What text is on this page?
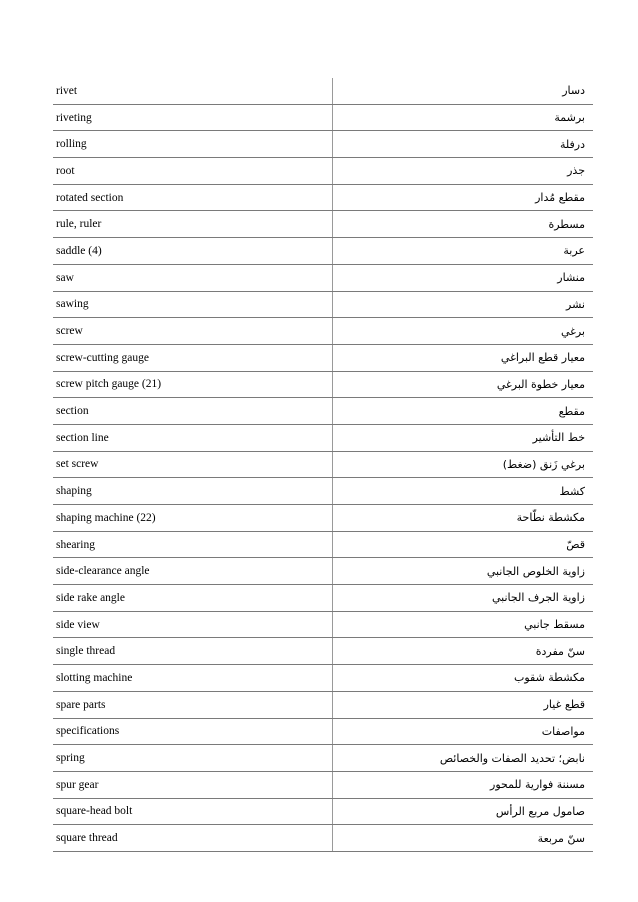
rivet	دسار
riveting	برشمة
rolling	درفلة
root	جذر
rotated section	مقطع مُدار
rule, ruler	مسطرة
saddle (4)	عربة
saw	منشار
sawing	نشر
screw	برغي
screw-cutting gauge	معيار قطع البراغي
screw pitch gauge (21)	معيار خطوة البرغي
section	مقطع
section line	خط التأشير
set screw	برغي زَنق (ضغط)
shaping	كشط
shaping machine (22)	مكشطة نطّاحة
shearing	قصّ
side-clearance angle	زاوية الخلوص الجانبي
side rake angle	زاوية الجرف الجانبي
side view	مسقط جانبي
single thread	سنّ مفردة
slotting machine	مكشطة شقوب
spare parts	قطع غيار
specifications	مواصفات
spring	نابض؛ تحديد الصفات والخصائص
spur gear	مسننة فوارية للمحور
square-head bolt	صامول مربع الرأس
square thread	سنّ مربعة
